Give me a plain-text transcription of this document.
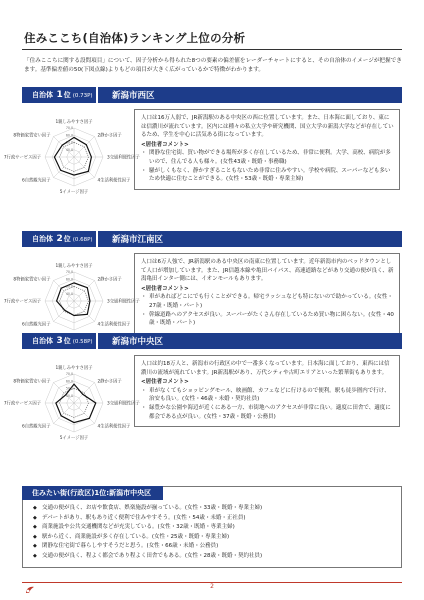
住みここち(自治体)ランキング上位の分析
「住みここちに関する設問項目」について、因子分析から得られた8つの要素の偏差値をレーダーチャートにすると、その自治体のイメージが把握できます。基準偏差値の50(下図点線)よりもどの項目が大きく広がっているかで特徴がわかります。
自治体 1位 (0.73P)	新潟市西区
40.0
50.0
60.0
70.0
1親しみやすさ因子
2静かさ因子
3交通利便性因子
4生活利便性因子
5イメージ因子
6自然観光因子
7行政サービス因子
8物価家賃安い因子
人口は16万人弱で、JR新潟駅のある中央区の西に位置しています。また、日本海に面しており、東には信濃川が流れています。区内には種々の私立大学や研究機関、国立大学の新潟大学などが存在しているため、学生を中心に活気ある街になっています。
<居住者コメント>
・ 関静な住宅街、買い物ができる場所が多く存在しているため、非常に便利。大学、高校、病院が多いので、住んでる人も様々。(女性43歳・既婚・事務職)
・ 騒がしくもなく、静かすぎることもないため非常に住みやすい。学校や病院、スーパーなども多いため快適に住むことができる。(女性・53歳・既婚・専業主婦)
自治体 2位 (0.68P)	新潟市江南区
40.0
50.0
60.0
70.0
1親しみやすさ因子
2静かさ因子
3交通利便性因子
4生活利便性因子
6自然観光因子
7行政サービス因子
8物価家賃安い因子
人口は6万人強で、JR新潟駅のある中央区の南東に位置しています。近年新潟市内のベッドタウンとして人口が増加しています。また、JR信越本線や亀田バイパス、高速道路などがあり交通の便が良く、新潟亀田インター側には、イオンモールもあります。
<居住者コメント>
・ 車があればどこにでも行くことができる。帰宅ラッシュなども特にないので助かっている。(女性・27歳・既婚・パート)
・ 幹線道路へのアクセスが良い。スーパーがたくさん存在しているため買い物に困らない。(女性・40歳・既婚・パート)
自治体 3位 (0.58P)	新潟市中央区
40.0
50.0
60.0
70.0
1親しみやすさ因子
2静かさ因子
3交通利便性因子
4生活利便性因子
5イメージ因子
6自然観光因子
7行政サービス因子
8物価家賃安い因子
人口は約18万人と、新潟市の行政区の中で一番多くなっています。日本海に面しており、東西には信濃川の流域が流れています。JR新潟駅があり、万代シティや古町エリアといった繁華街もあります。
<居住者コメント>
・ 車がなくてもショッピングモール、映画館、カフェなどに行けるので便利。駅も徒歩圏内で行け、治安も良い。(女性・46歳・未婚・契約社員)
・ 緑豊かな公園や海辺が近くにある一方、市街地へのアクセスが非常に良い。適度に田舎で、適度に都会である点が良い。(女性・37歳・既婚・公務員)
住みたい街(行政区)1位:新潟市中央区
◆ 交通の便が良く、お店や飲食店、娯楽施設が揃っている。(女性・33歳・既婚・専業主婦)
◆ デパートがあり、駅もあり近く便利で住みやすそう。(女性・54歳・未婚・正社員)
◆ 商業施設や公共交通機関などが充実している。(女性・32歳・既婚・専業主婦)
◆ 駅から近く、商業施設が多く存在している。(女性・25歳・既婚・専業主婦)
◆ 閑静な住宅街で暮らしやすそうだと思う。(女性・66歳・未婚・公務員)
◆ 交通の便が良く、程よく都会であり程よく田舎でもある。(女性・28歳・既婚・契約社員)
2
